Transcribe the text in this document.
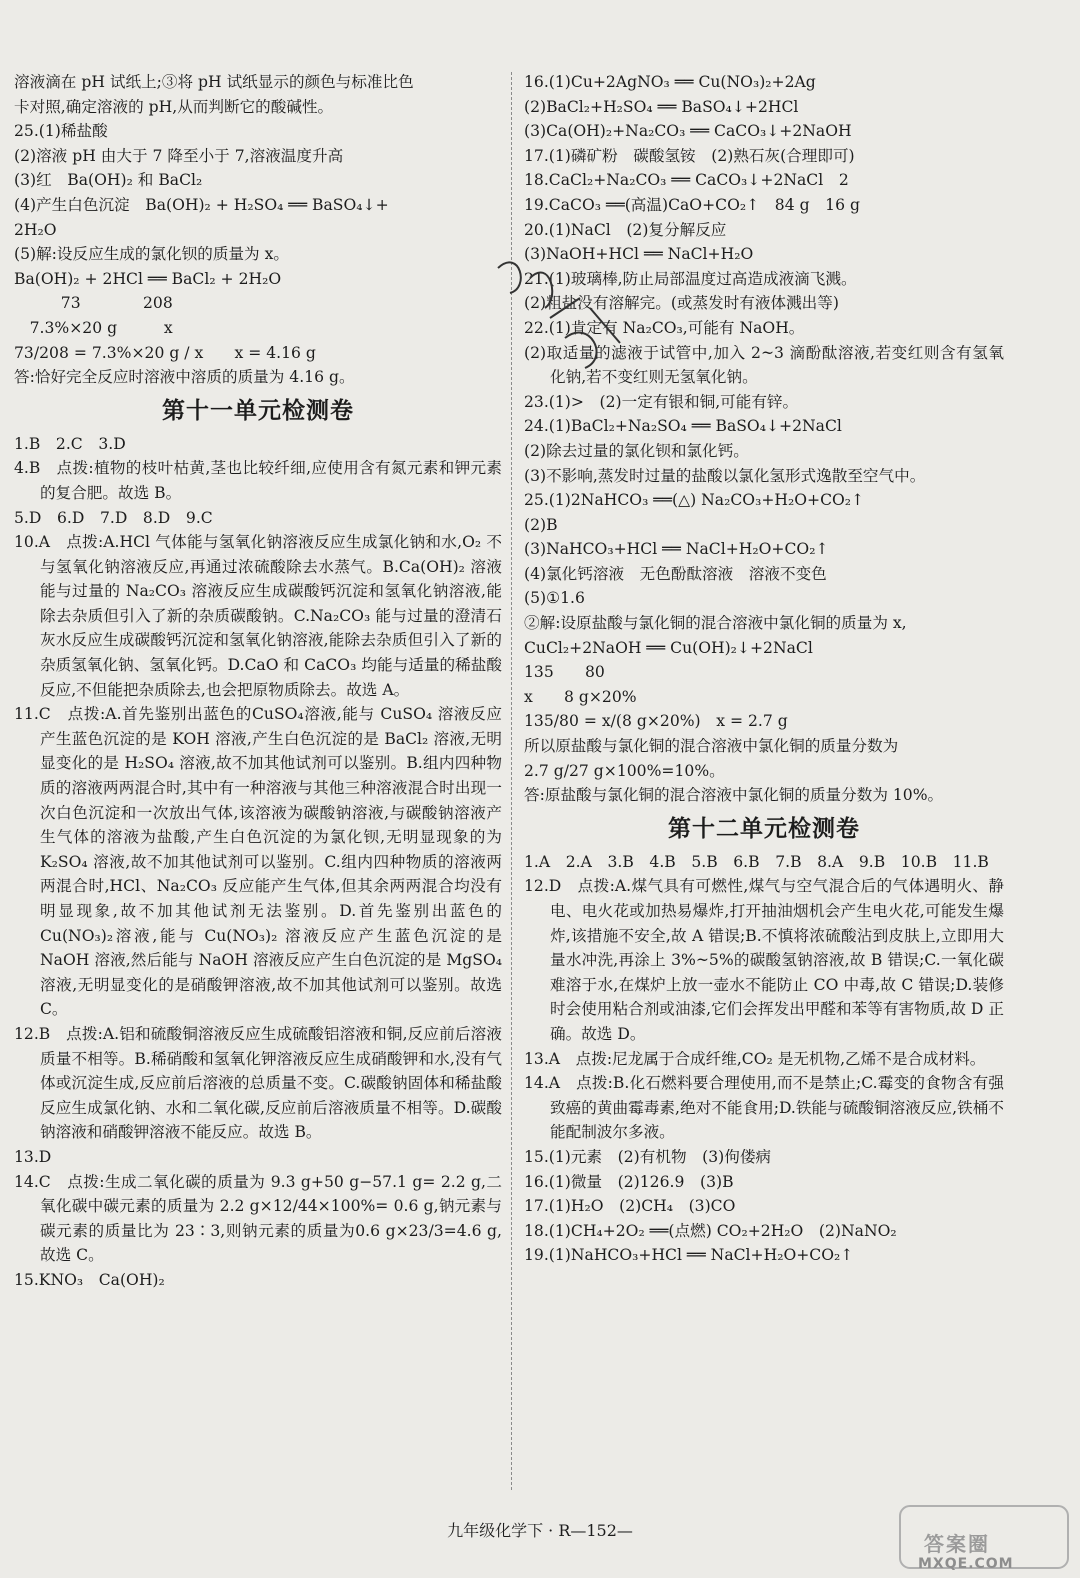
溶液滴在 pH 试纸上;③将 pH 试纸显示的颜色与标准比色
卡对照,确定溶液的 pH,从而判断它的酸碱性。
25.(1)稀盐酸
(2)溶液 pH 由大于 7 降至小于 7,溶液温度升高
(3)红　Ba(OH)₂ 和 BaCl₂
(4)产生白色沉淀　Ba(OH)₂ + H₂SO₄ ══ BaSO₄↓+
2H₂O
(5)解:设反应生成的氯化钡的质量为 x。
Ba(OH)₂ + 2HCl ══ BaCl₂ + 2H₂O
　　　73　　　　208
　7.3%×20 g　　　x
73/208 = 7.3%×20 g / x　　x = 4.16 g
答:恰好完全反应时溶液中溶质的质量为 4.16 g。
第十一单元检测卷
1.B　2.C　3.D
4.B　点拨:植物的枝叶枯黄,茎也比较纤细,应使用含有氮元素和钾元素的复合肥。故选 B。
5.D　6.D　7.D　8.D　9.C
10.A　点拨:A.HCl 气体能与氢氧化钠溶液反应生成氯化钠和水,O₂ 不与氢氧化钠溶液反应,再通过浓硫酸除去水蒸气。B.Ca(OH)₂ 溶液能与过量的 Na₂CO₃ 溶液反应生成碳酸钙沉淀和氢氧化钠溶液,能除去杂质但引入了新的杂质碳酸钠。C.Na₂CO₃ 能与过量的澄清石灰水反应生成碳酸钙沉淀和氢氧化钠溶液,能除去杂质但引入了新的杂质氢氧化钠、氢氧化钙。D.CaO 和 CaCO₃ 均能与适量的稀盐酸反应,不但能把杂质除去,也会把原物质除去。故选 A。
11.C　点拨:A.首先鉴别出蓝色的CuSO₄溶液,能与 CuSO₄ 溶液反应产生蓝色沉淀的是 KOH 溶液,产生白色沉淀的是 BaCl₂ 溶液,无明显变化的是 H₂SO₄ 溶液,故不加其他试剂可以鉴别。B.组内四种物质的溶液两两混合时,其中有一种溶液与其他三种溶液混合时出现一次白色沉淀和一次放出气体,该溶液为碳酸钠溶液,与碳酸钠溶液产生气体的溶液为盐酸,产生白色沉淀的为氯化钡,无明显现象的为 K₂SO₄ 溶液,故不加其他试剂可以鉴别。C.组内四种物质的溶液两两混合时,HCl、Na₂CO₃ 反应能产生气体,但其余两两混合均没有明显现象,故不加其他试剂无法鉴别。D.首先鉴别出蓝色的Cu(NO₃)₂溶液,能与 Cu(NO₃)₂ 溶液反应产生蓝色沉淀的是 NaOH 溶液,然后能与 NaOH 溶液反应产生白色沉淀的是 MgSO₄ 溶液,无明显变化的是硝酸钾溶液,故不加其他试剂可以鉴别。故选 C。
12.B　点拨:A.铝和硫酸铜溶液反应生成硫酸铝溶液和铜,反应前后溶液质量不相等。B.稀硝酸和氢氧化钾溶液反应生成硝酸钾和水,没有气体或沉淀生成,反应前后溶液的总质量不变。C.碳酸钠固体和稀盐酸反应生成氯化钠、水和二氧化碳,反应前后溶液质量不相等。D.碳酸钠溶液和硝酸钾溶液不能反应。故选 B。
13.D
14.C　点拨:生成二氧化碳的质量为 9.3 g+50 g−57.1 g= 2.2 g,二氧化碳中碳元素的质量为 2.2 g×12/44×100%= 0.6 g,钠元素与碳元素的质量比为 23∶3,则钠元素的质量为0.6 g×23/3=4.6 g,故选 C。
15.KNO₃　Ca(OH)₂
16.(1)Cu+2AgNO₃ ══ Cu(NO₃)₂+2Ag
(2)BaCl₂+H₂SO₄ ══ BaSO₄↓+2HCl
(3)Ca(OH)₂+Na₂CO₃ ══ CaCO₃↓+2NaOH
17.(1)磷矿粉　碳酸氢铵　(2)熟石灰(合理即可)
18.CaCl₂+Na₂CO₃ ══ CaCO₃↓+2NaCl　2
19.CaCO₃ ══(高温)CaO+CO₂↑　84 g　16 g
20.(1)NaCl　(2)复分解反应
(3)NaOH+HCl ══ NaCl+H₂O
21.(1)玻璃棒,防止局部温度过高造成液滴飞溅。
(2)粗盐没有溶解完。(或蒸发时有液体溅出等)
22.(1)肯定有 Na₂CO₃,可能有 NaOH。
(2)取适量的滤液于试管中,加入 2~3 滴酚酞溶液,若变红则含有氢氧化钠,若不变红则无氢氧化钠。
23.(1)>　(2)一定有银和铜,可能有锌。
24.(1)BaCl₂+Na₂SO₄ ══ BaSO₄↓+2NaCl
(2)除去过量的氯化钡和氯化钙。
(3)不影响,蒸发时过量的盐酸以氯化氢形式逸散至空气中。
25.(1)2NaHCO₃ ══(△) Na₂CO₃+H₂O+CO₂↑
(2)B
(3)NaHCO₃+HCl ══ NaCl+H₂O+CO₂↑
(4)氯化钙溶液　无色酚酞溶液　溶液不变色
(5)①1.6
②解:设原盐酸与氯化铜的混合溶液中氯化铜的质量为 x,
CuCl₂+2NaOH ══ Cu(OH)₂↓+2NaCl
135　　80
x　　8 g×20%
135/80 = x/(8 g×20%)　x = 2.7 g
所以原盐酸与氯化铜的混合溶液中氯化铜的质量分数为
2.7 g/27 g×100%=10%。
答:原盐酸与氯化铜的混合溶液中氯化铜的质量分数为 10%。
第十二单元检测卷
1.A　2.A　3.B　4.B　5.B　6.B　7.B　8.A　9.B　10.B　11.B
12.D　点拨:A.煤气具有可燃性,煤气与空气混合后的气体遇明火、静电、电火花或加热易爆炸,打开抽油烟机会产生电火花,可能发生爆炸,该措施不安全,故 A 错误;B.不慎将浓硫酸沾到皮肤上,立即用大量水冲洗,再涂上 3%~5%的碳酸氢钠溶液,故 B 错误;C.一氧化碳难溶于水,在煤炉上放一壶水不能防止 CO 中毒,故 C 错误;D.装修时会使用粘合剂或油漆,它们会挥发出甲醛和苯等有害物质,故 D 正确。故选 D。
13.A　点拨:尼龙属于合成纤维,CO₂ 是无机物,乙烯不是合成材料。
14.A　点拨:B.化石燃料要合理使用,而不是禁止;C.霉变的食物含有强致癌的黄曲霉毒素,绝对不能食用;D.铁能与硫酸铜溶液反应,铁桶不能配制波尔多液。
15.(1)元素　(2)有机物　(3)佝偻病
16.(1)微量　(2)126.9　(3)B
17.(1)H₂O　(2)CH₄　(3)CO
18.(1)CH₄+2O₂ ══(点燃) CO₂+2H₂O　(2)NaNO₂
19.(1)NaHCO₃+HCl ══ NaCl+H₂O+CO₂↑
九年级化学下 · R—152—
答案圈
MXQE.COM
